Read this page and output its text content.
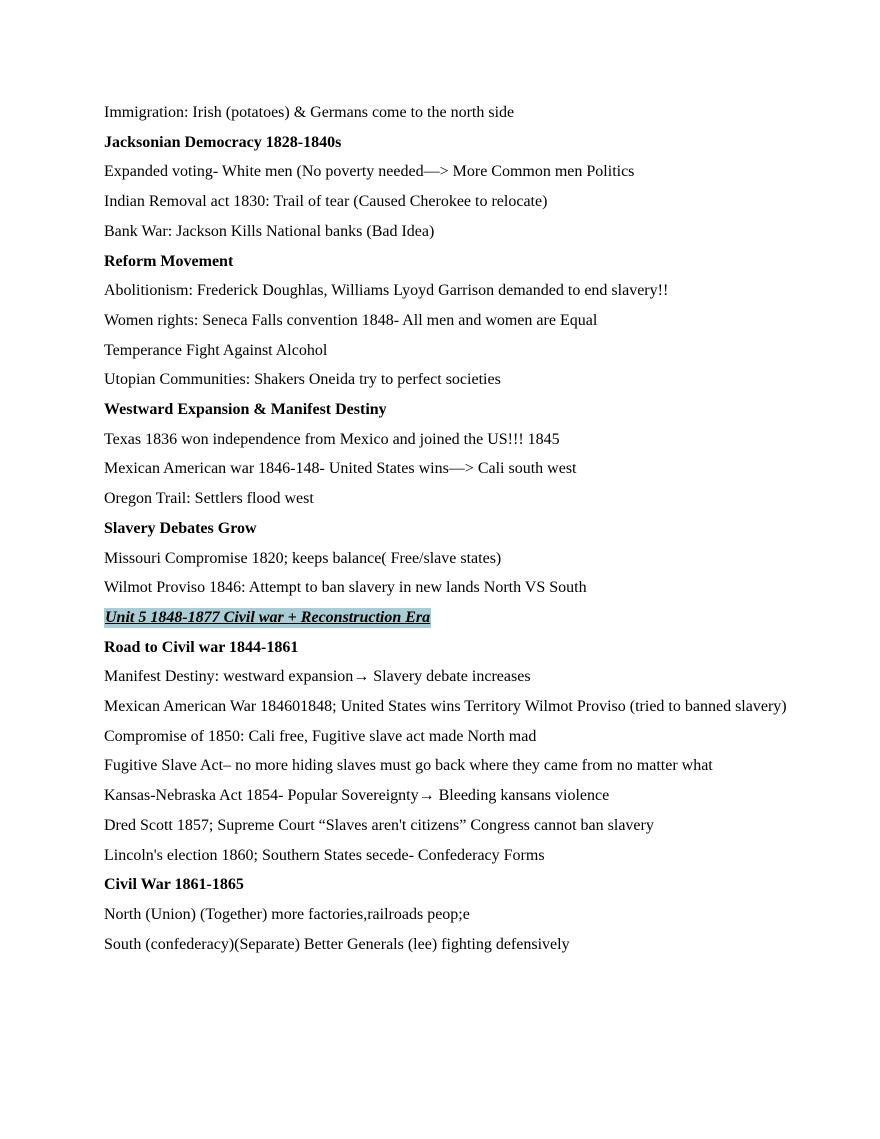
Immigration: Irish (potatoes) & Germans come to the north side
Jacksonian Democracy 1828-1840s
Expanded voting- White men (No poverty needed—> More Common men Politics
Indian Removal act 1830: Trail of tear (Caused Cherokee to relocate)
Bank War: Jackson Kills National banks (Bad Idea)
Reform Movement
Abolitionism: Frederick Doughlas, Williams Lyoyd Garrison demanded to end slavery!!
Women rights: Seneca Falls convention 1848- All men and women are Equal
Temperance Fight Against Alcohol
Utopian Communities: Shakers Oneida try to perfect societies
Westward Expansion & Manifest Destiny
Texas 1836 won independence from Mexico and joined the US!!! 1845
Mexican American war 1846-148- United States wins—> Cali south west
Oregon Trail: Settlers flood west
Slavery Debates Grow
Missouri Compromise 1820; keeps balance( Free/slave states)
Wilmot Proviso 1846: Attempt to ban slavery in new lands North VS South
Unit 5 1848-1877 Civil war + Reconstruction Era
Road to Civil war 1844-1861
Manifest Destiny: westward expansion→ Slavery debate increases
Mexican American War 184601848; United States wins Territory Wilmot Proviso (tried to banned slavery)
Compromise of 1850: Cali free, Fugitive slave act made North mad
Fugitive Slave Act– no more hiding slaves must go back where they came from no matter what
Kansas-Nebraska Act 1854- Popular Sovereignty→ Bleeding kansans violence
Dred Scott 1857; Supreme Court “Slaves aren't citizens” Congress cannot ban slavery
Lincoln's election 1860; Southern States secede- Confederacy Forms
Civil War 1861-1865
North (Union) (Together) more factories,railroads peop;e
South (confederacy)(Separate) Better Generals (lee) fighting defensively
